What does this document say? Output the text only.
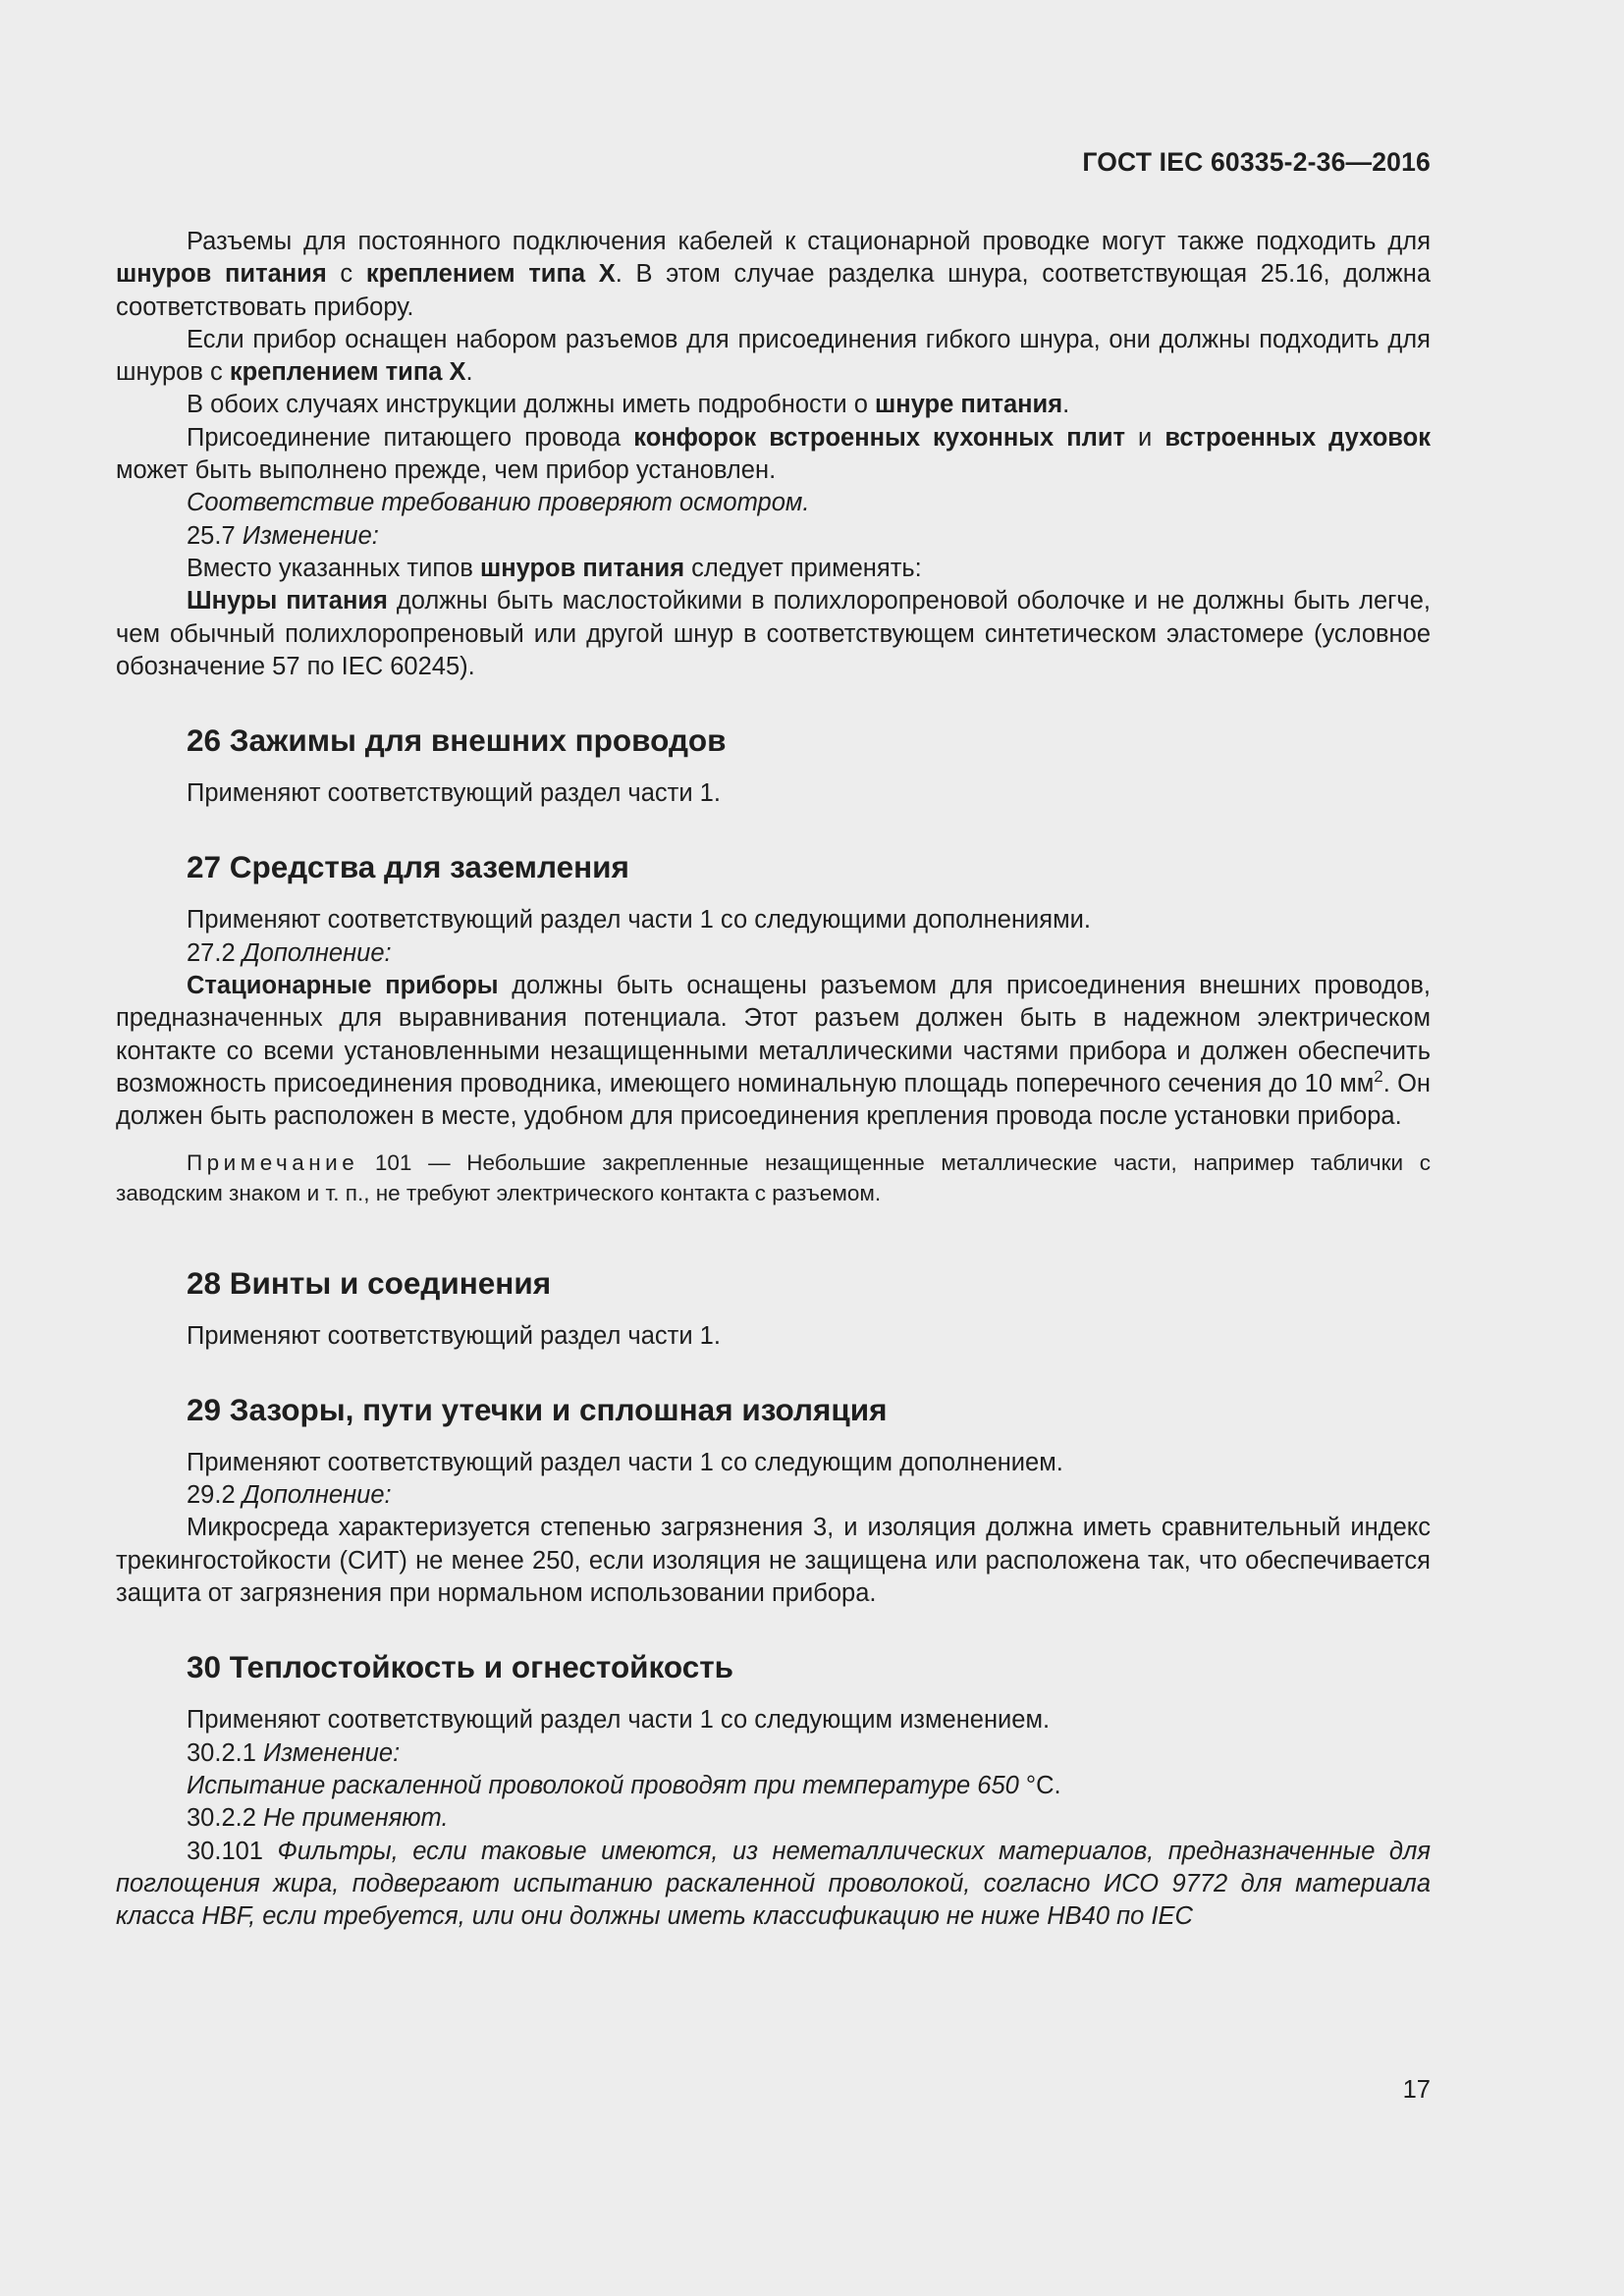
ГОСТ IEC 60335-2-36—2016

Разъемы для постоянного подключения кабелей к стационарной проводке могут также подходить для шнуров питания с креплением типа X. В этом случае разделка шнура, соответствующая 25.16, должна соответствовать прибору.

Если прибор оснащен набором разъемов для присоединения гибкого шнура, они должны подходить для шнуров с креплением типа X.

В обоих случаях инструкции должны иметь подробности о шнуре питания.

Присоединение питающего провода конфорок встроенных кухонных плит и встроенных духовок может быть выполнено прежде, чем прибор установлен.

Соответствие требованию проверяют осмотром.

25.7 Изменение:

Вместо указанных типов шнуров питания следует применять:

Шнуры питания должны быть маслостойкими в полихлоропреновой оболочке и не должны быть легче, чем обычный полихлоропреновый или другой шнур в соответствующем синтетическом эластомере (условное обозначение 57 по IEC 60245).

26 Зажимы для внешних проводов

Применяют соответствующий раздел части 1.

27 Средства для заземления

Применяют соответствующий раздел части 1 со следующими дополнениями.

27.2 Дополнение:

Стационарные приборы должны быть оснащены разъемом для присоединения внешних проводов, предназначенных для выравнивания потенциала. Этот разъем должен быть в надежном электрическом контакте со всеми установленными незащищенными металлическими частями прибора и должен обеспечить возможность присоединения проводника, имеющего номинальную площадь поперечного сечения до 10 $мм^2$. Он должен быть расположен в месте, удобном для присоединения крепления провода после установки прибора.

Примечание 101 — Небольшие закрепленные незащищенные металлические части, например таблички с заводским знаком и т. п., не требуют электрического контакта с разъемом.

28 Винты и соединения

Применяют соответствующий раздел части 1.

29 Зазоры, пути утечки и сплошная изоляция

Применяют соответствующий раздел части 1 со следующим дополнением.

29.2 Дополнение:

Микросреда характеризуется степенью загрязнения 3, и изоляция должна иметь сравнительный индекс трекингостойкости (СИТ) не менее 250, если изоляция не защищена или расположена так, что обеспечивается защита от загрязнения при нормальном использовании прибора.

30 Теплостойкость и огнестойкость

Применяют соответствующий раздел части 1 со следующим изменением.

30.2.1 Изменение:

Испытание раскаленной проволокой проводят при температуре 650 °С.

30.2.2 Не применяют.

30.101 Фильтры, если таковые имеются, из неметаллических материалов, предназначенные для поглощения жира, подвергают испытанию раскаленной проволокой, согласно ИСО 9772 для материала класса HBF, если требуется, или они должны иметь классификацию не ниже НВ40 по IEC

17
